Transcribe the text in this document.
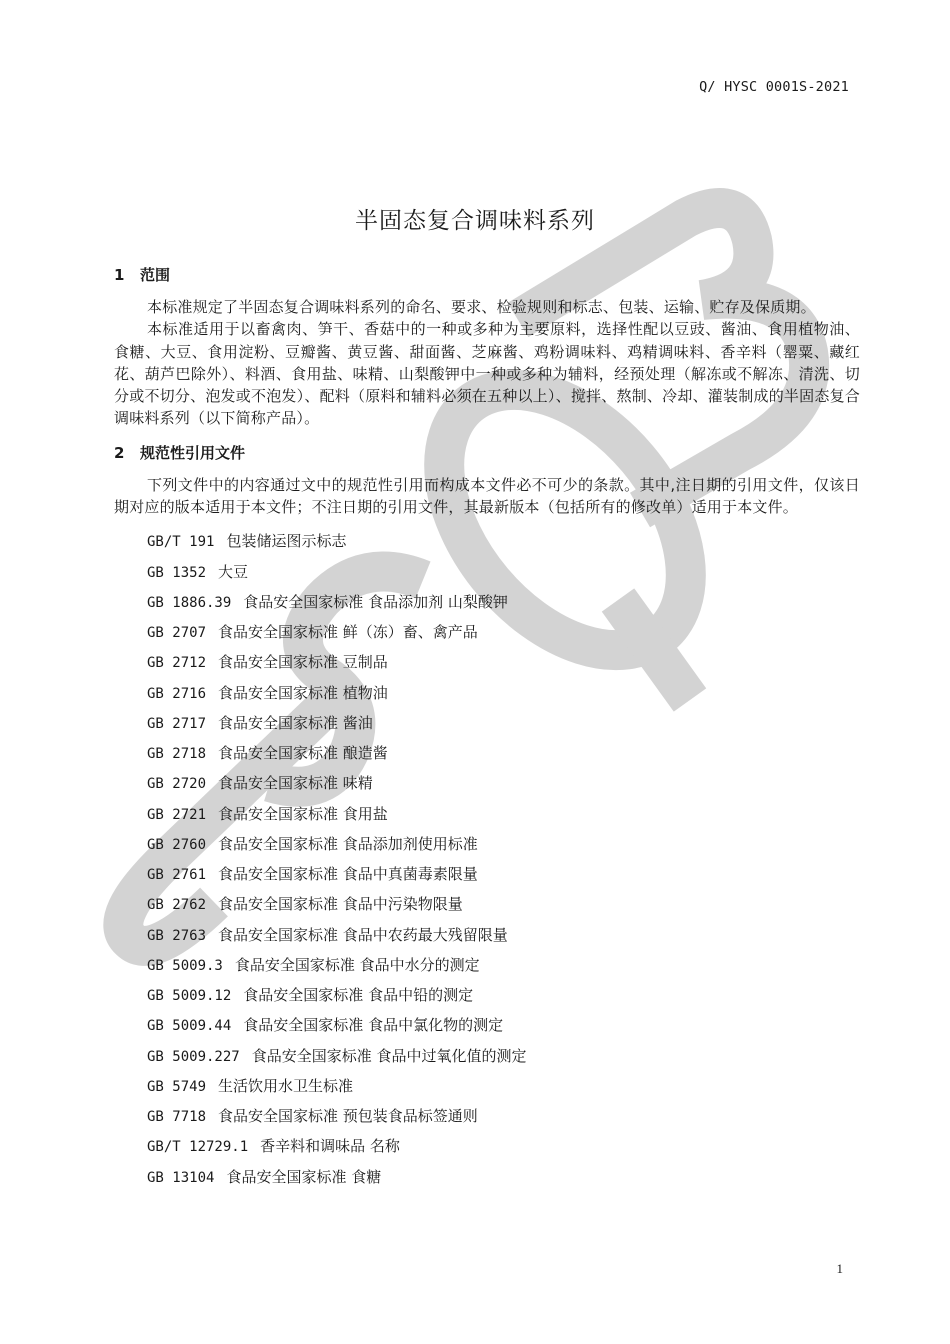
Q/ HYSC 0001S-2021
半固态复合调味料系列
1 范围

本标准规定了半固态复合调味料系列的命名、要求、检验规则和标志、包装、运输、贮存及保质期。

本标准适用于以畜禽肉、笋干、香菇中的一种或多种为主要原料，选择性配以豆豉、酱油、食用植物油、食糖、大豆、食用淀粉、豆瓣酱、黄豆酱、甜面酱、芝麻酱、鸡粉调味料、鸡精调味料、香辛料（罂粟、藏红花、葫芦巴除外）、料酒、食用盐、味精、山梨酸钾中一种或多种为辅料，经预处理（解冻或不解冻、清洗、切分或不切分、泡发或不泡发）、配料（原料和辅料必须在五种以上）、搅拌、熬制、冷却、灌装制成的半固态复合调味料系列（以下简称产品）。

2 规范性引用文件

下列文件中的内容通过文中的规范性引用而构成本文件必不可少的条款。其中,注日期的引用文件，仅该日期对应的版本适用于本文件；不注日期的引用文件，其最新版本（包括所有的修改单）适用于本文件。

GB/T 191 包装储运图示标志
GB 1352 大豆
GB 1886.39 食品安全国家标准 食品添加剂 山梨酸钾
GB 2707 食品安全国家标准 鲜（冻）畜、禽产品
GB 2712 食品安全国家标准 豆制品
GB 2716 食品安全国家标准 植物油
GB 2717 食品安全国家标准 酱油
GB 2718 食品安全国家标准 酿造酱
GB 2720 食品安全国家标准 味精
GB 2721 食品安全国家标准 食用盐
GB 2760 食品安全国家标准 食品添加剂使用标准
GB 2761 食品安全国家标准 食品中真菌毒素限量
GB 2762 食品安全国家标准 食品中污染物限量
GB 2763 食品安全国家标准 食品中农药最大残留限量
GB 5009.3 食品安全国家标准 食品中水分的测定
GB 5009.12 食品安全国家标准 食品中铅的测定
GB 5009.44 食品安全国家标准 食品中氯化物的测定
GB 5009.227 食品安全国家标准 食品中过氧化值的测定
GB 5749 生活饮用水卫生标准
GB 7718 食品安全国家标准 预包装食品标签通则
GB/T 12729.1 香辛料和调味品 名称
GB 13104 食品安全国家标准 食糖
1
